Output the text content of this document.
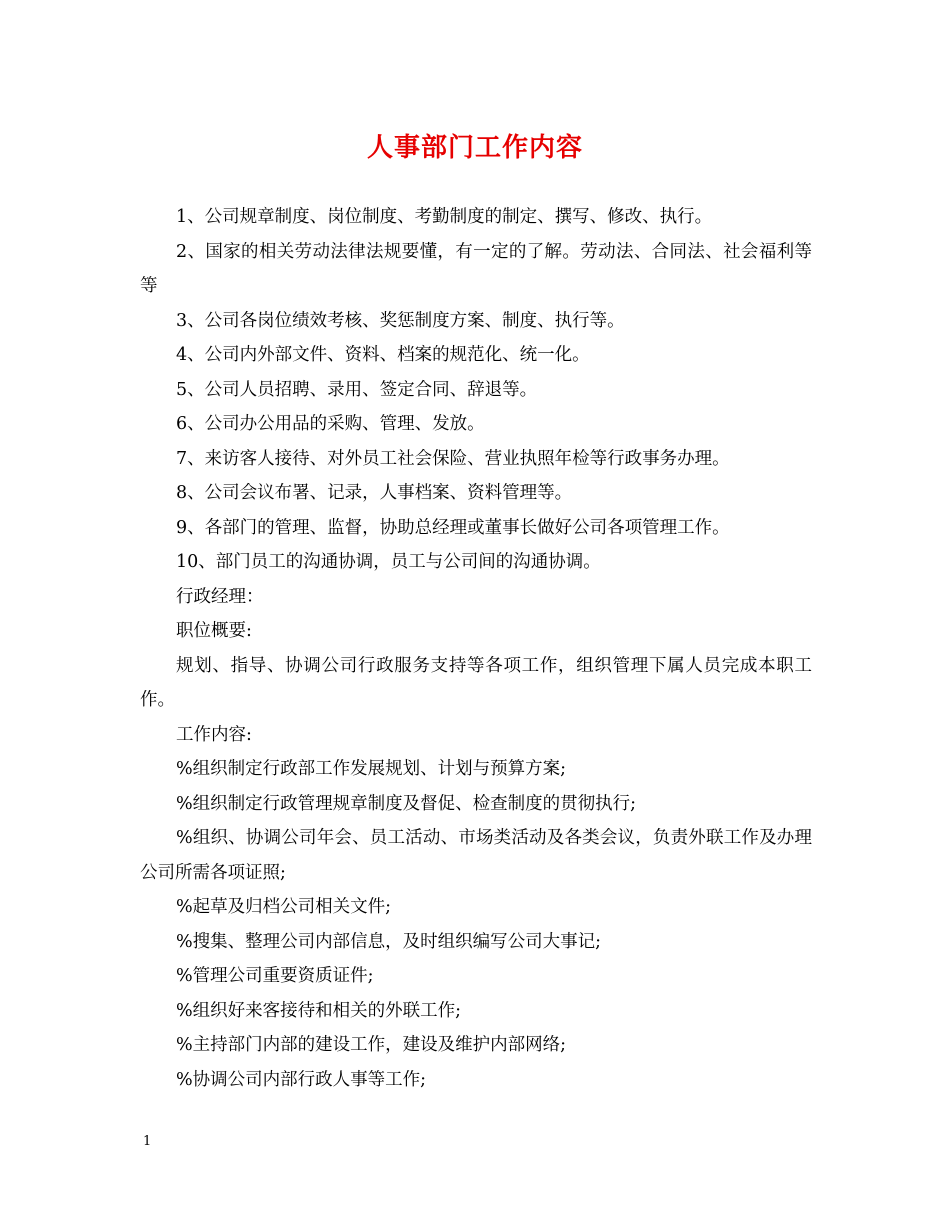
人事部门工作内容

1、公司规章制度、岗位制度、考勤制度的制定、撰写、修改、执行。

2、国家的相关劳动法律法规要懂，有一定的了解。劳动法、合同法、社会福利等等

3、公司各岗位绩效考核、奖惩制度方案、制度、执行等。

4、公司内外部文件、资料、档案的规范化、统一化。

5、公司人员招聘、录用、签定合同、辞退等。

6、公司办公用品的采购、管理、发放。

7、来访客人接待、对外员工社会保险、营业执照年检等行政事务办理。

8、公司会议布署、记录，人事档案、资料管理等。

9、各部门的管理、监督，协助总经理或董事长做好公司各项管理工作。

10、部门员工的沟通协调，员工与公司间的沟通协调。

行政经理：

职位概要:

规划、指导、协调公司行政服务支持等各项工作，组织管理下属人员完成本职工作。

工作内容:

%组织制定行政部工作发展规划、计划与预算方案;

%组织制定行政管理规章制度及督促、检查制度的贯彻执行;

%组织、协调公司年会、员工活动、市场类活动及各类会议，负责外联工作及办理公司所需各项证照;

%起草及归档公司相关文件;

%搜集、整理公司内部信息，及时组织编写公司大事记;

%管理公司重要资质证件;

%组织好来客接待和相关的外联工作;

%主持部门内部的建设工作，建设及维护内部网络;

%协调公司内部行政人事等工作;

1
